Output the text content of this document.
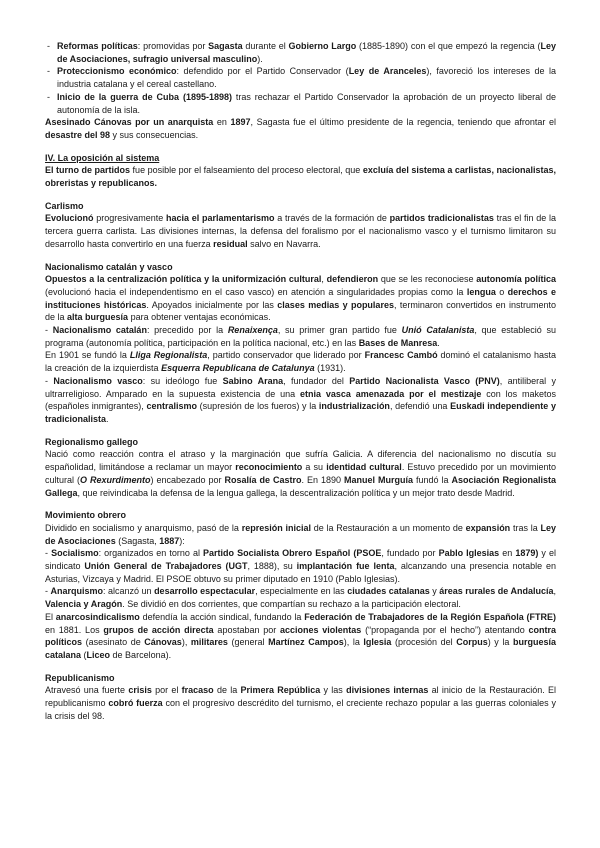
- Reformas políticas: promovidas por Sagasta durante el Gobierno Largo (1885-1890) con el que empezó la regencia (Ley de Asociaciones, sufragio universal masculino).
- Proteccionismo económico: defendido por el Partido Conservador (Ley de Aranceles), favoreció los intereses de la industria catalana y el cereal castellano.
- Inicio de la guerra de Cuba (1895-1898) tras rechazar el Partido Conservador la aprobación de un proyecto liberal de autonomía de la isla.

Asesinado Cánovas por un anarquista en 1897, Sagasta fue el último presidente de la regencia, teniendo que afrontar el desastre del 98 y sus consecuencias.

IV. La oposición al sistema

El turno de partidos fue posible por el falseamiento del proceso electoral, que excluía del sistema a carlistas, nacionalistas, obreristas y republicanos.

Carlismo

Evolucionó progresivamente hacia el parlamentarismo a través de la formación de partidos tradicionalistas tras el fin de la tercera guerra carlista. Las divisiones internas, la defensa del foralismo por el nacionalismo vasco y el turnismo limitaron su desarrollo hasta convertirlo en una fuerza residual salvo en Navarra.

Nacionalismo catalán y vasco

Opuestos a la centralización política y la uniformización cultural, defendieron que se les reconociese autonomía política (evolucionó hacia el independentismo en el caso vasco) en atención a singularidades propias como la lengua o derechos e instituciones históricas. Apoyados inicialmente por las clases medias y populares, terminaron convertidos en instrumento de la alta burguesía para obtener ventajas económicas.

- Nacionalismo catalán: precedido por la Renaixença, su primer gran partido fue Unió Catalanista, que estableció su programa (autonomía política, participación en la política nacional, etc.) en las Bases de Manresa.

En 1901 se fundó la Lliga Regionalista, partido conservador que liderado por Francesc Cambó dominó el catalanismo hasta la creación de la izquierdista Esquerra Republicana de Catalunya (1931).

- Nacionalismo vasco: su ideólogo fue Sabino Arana, fundador del Partido Nacionalista Vasco (PNV), antiliberal y ultrarreligioso. Amparado en la supuesta existencia de una etnia vasca amenazada por el mestizaje con los maketos (españoles inmigrantes), centralismo (supresión de los fueros) y la industrialización, defendió una Euskadi independiente y tradicionalista.

Regionalismo gallego

Nació como reacción contra el atraso y la marginación que sufría Galicia. A diferencia del nacionalismo no discutía su españolidad, limitándose a reclamar un mayor reconocimiento a su identidad cultural. Estuvo precedido por un movimiento cultural (O Rexurdimento) encabezado por Rosalía de Castro. En 1890 Manuel Murguía fundó la Asociación Regionalista Gallega, que reivindicaba la defensa de la lengua gallega, la descentralización política y un mejor trato desde Madrid.

Movimiento obrero

Dividido en socialismo y anarquismo, pasó de la represión inicial de la Restauración a un momento de expansión tras la Ley de Asociaciones (Sagasta, 1887):

- Socialismo: organizados en torno al Partido Socialista Obrero Español (PSOE, fundado por Pablo Iglesias en 1879) y el sindicato Unión General de Trabajadores (UGT, 1888), su implantación fue lenta, alcanzando una presencia notable en Asturias, Vizcaya y Madrid. El PSOE obtuvo su primer diputado en 1910 (Pablo Iglesias).

- Anarquismo: alcanzó un desarrollo espectacular, especialmente en las ciudades catalanas y áreas rurales de Andalucía, Valencia y Aragón. Se dividió en dos corrientes, que compartían su rechazo a la participación electoral.

El anarcosindicalismo defendía la acción sindical, fundando la Federación de Trabajadores de la Región Española (FTRE) en 1881. Los grupos de acción directa apostaban por acciones violentas (“propaganda por el hecho”) atentando contra políticos (asesinato de Cánovas), militares (general Martínez Campos), la Iglesia (procesión del Corpus) y la burguesía catalana (Liceo de Barcelona).

Republicanismo

Atravesó una fuerte crisis por el fracaso de la Primera República y las divisiones internas al inicio de la Restauración. El republicanismo cobró fuerza con el progresivo descrédito del turnismo, el creciente rechazo popular a las guerras coloniales y la crisis del 98.
